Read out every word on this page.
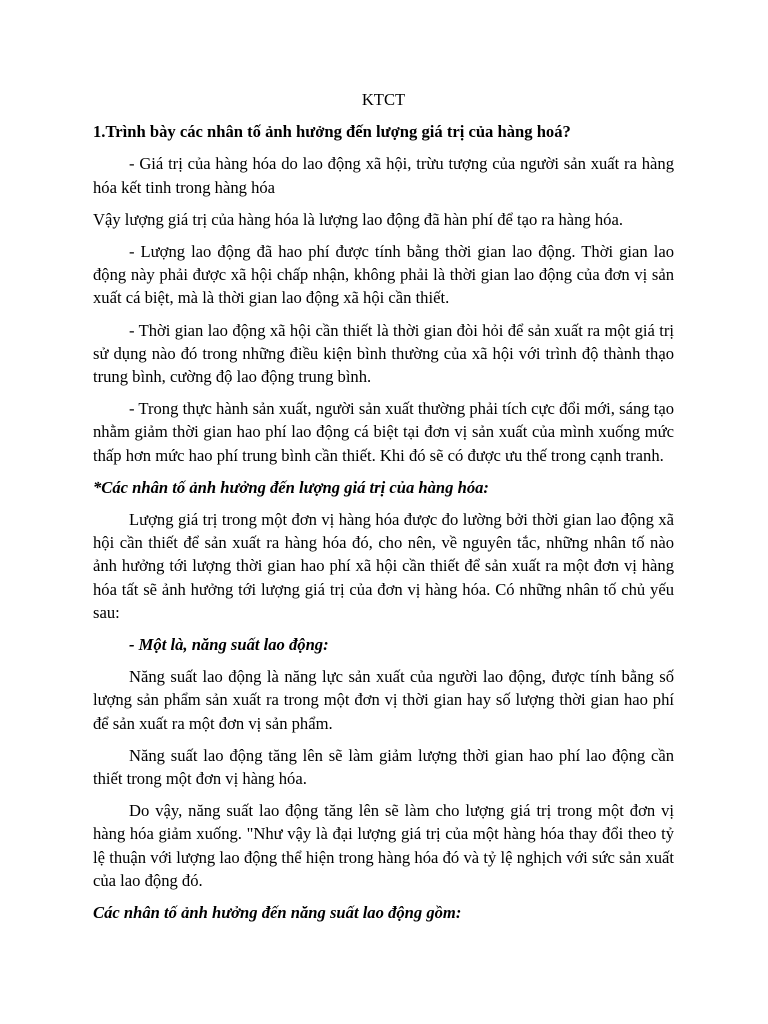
KTCT
1.Trình bày các nhân tố ảnh hưởng đến lượng giá trị của hàng hoá?

- Giá trị của hàng hóa do lao động xã hội, trừu tượng của người sản xuất ra hàng hóa kết tinh trong hàng hóa

Vậy lượng giá trị của hàng hóa là lượng lao động đã hàn phí để tạo ra hàng hóa.

- Lượng lao động đã hao phí được tính bằng thời gian lao động. Thời gian lao động này phải được xã hội chấp nhận, không phải là thời gian lao động của đơn vị sản xuất cá biệt, mà là thời gian lao động xã hội cần thiết.

- Thời gian lao động xã hội cần thiết là thời gian đòi hỏi để sản xuất ra một giá trị sử dụng nào đó trong những điều kiện bình thường của xã hội với trình độ thành thạo trung bình, cường độ lao động trung bình.

- Trong thực hành sản xuất, người sản xuất thường phải tích cực đổi mới, sáng tạo nhằm giảm thời gian hao phí lao động cá biệt tại đơn vị sản xuất của mình xuống mức thấp hơn mức hao phí trung bình cần thiết. Khi đó sẽ có được ưu thế trong cạnh tranh.

*Các nhân tố ảnh hưởng đến lượng giá trị của hàng hóa:

Lượng giá trị trong một đơn vị hàng hóa được đo lường bởi thời gian lao động xã hội cần thiết để sản xuất ra hàng hóa đó, cho nên, về nguyên tắc, những nhân tố nào ảnh hưởng tới lượng thời gian hao phí xã hội cần thiết để sản xuất ra một đơn vị hàng hóa tất sẽ ảnh hưởng tới lượng giá trị của đơn vị hàng hóa. Có những nhân tố chủ yếu sau:

- Một là, năng suất lao động:

Năng suất lao động là năng lực sản xuất của người lao động, được tính bằng số lượng sản phẩm sản xuất ra trong một đơn vị thời gian hay số lượng thời gian hao phí để sản xuất ra một đơn vị sản phẩm.

Năng suất lao động tăng lên sẽ làm giảm lượng thời gian hao phí lao động cần thiết trong một đơn vị hàng hóa.

Do vậy, năng suất lao động tăng lên sẽ làm cho lượng giá trị trong một đơn vị hàng hóa giảm xuống. "Như vậy là đại lượng giá trị của một hàng hóa thay đổi theo tỷ lệ thuận với lượng lao động thể hiện trong hàng hóa đó và tỷ lệ nghịch với sức sản xuất của lao động đó.

Các nhân tố ảnh hưởng đến năng suất lao động gồm:
